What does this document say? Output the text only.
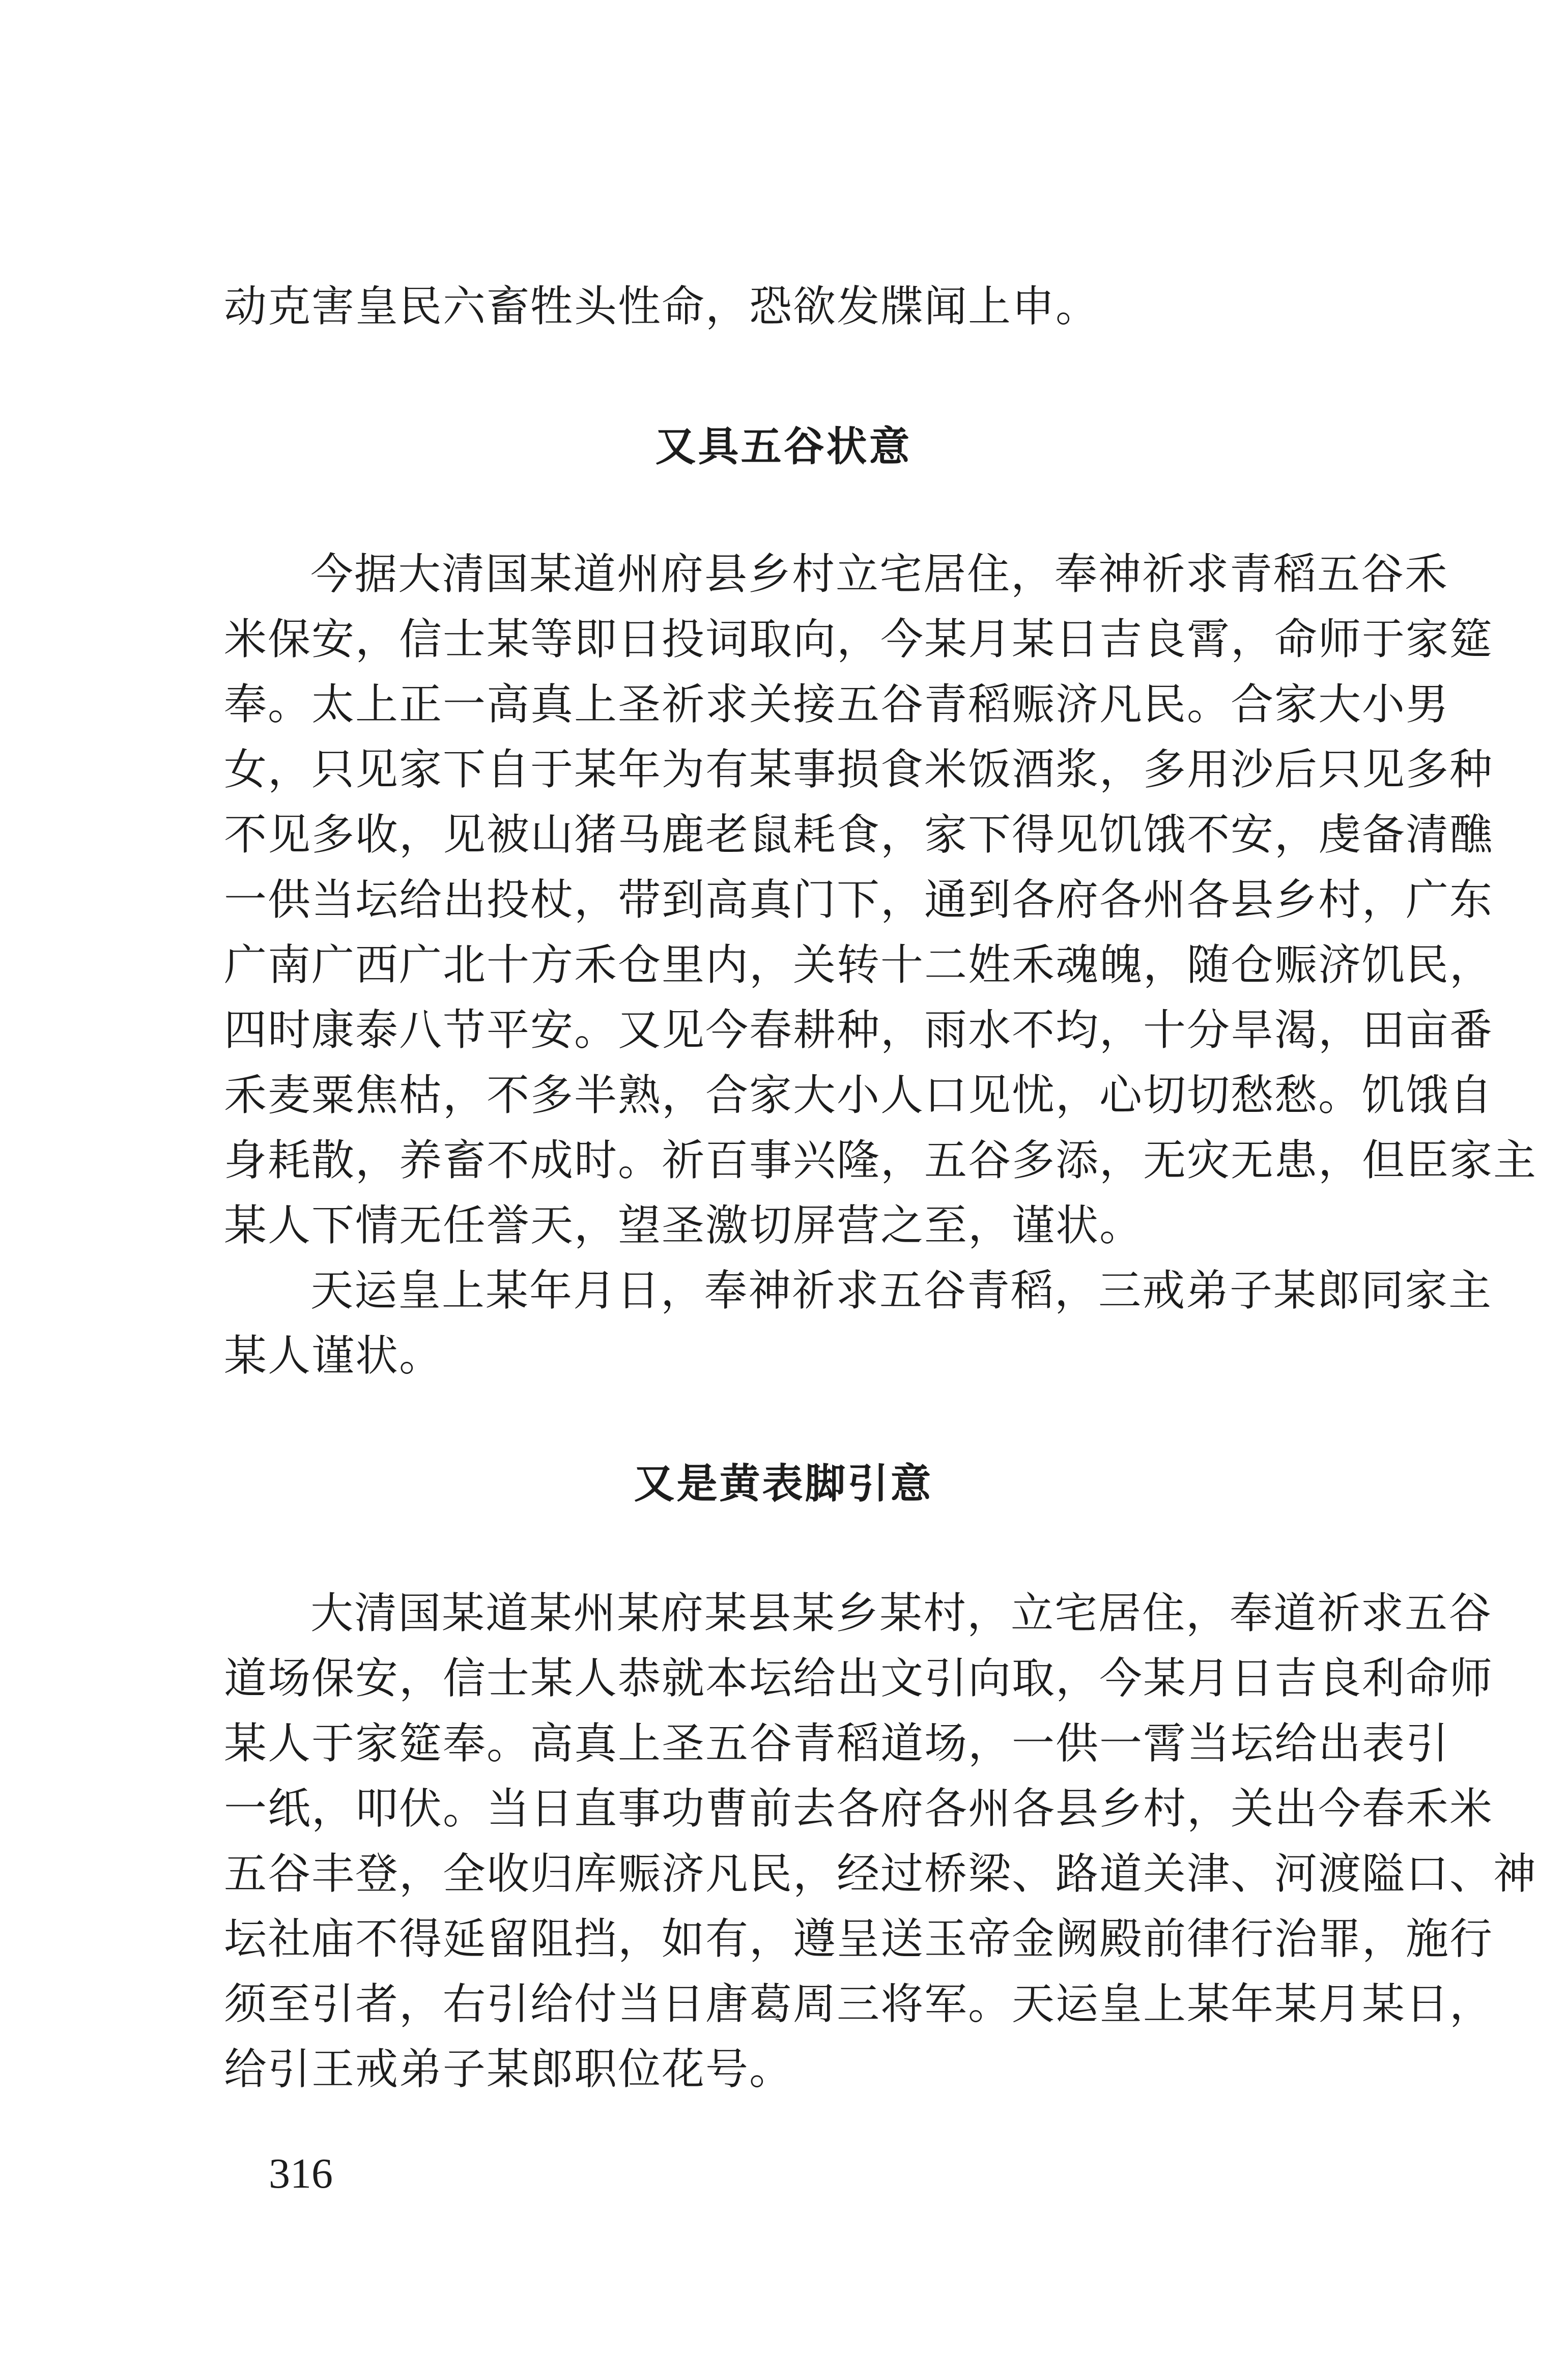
动克害皇民六畜牲头性命，恐欲发牒闻上申。
又具五谷状意
今据大清国某道州府县乡村立宅居住，奉神祈求青稻五谷禾
米保安，信士某等即日投词取向，今某月某日吉良霄，命师于家筵
奉。太上正一高真上圣祈求关接五谷青稻赈济凡民。合家大小男
女，只见家下自于某年为有某事损食米饭酒浆，多用沙后只见多种
不见多收，见被山猪马鹿老鼠耗食，家下得见饥饿不安，虔备清醮
一供当坛给出投杖，带到高真门下，通到各府各州各县乡村，广东
广南广西广北十方禾仓里内，关转十二姓禾魂魄，随仓赈济饥民，
四时康泰八节平安。又见今春耕种，雨水不均，十分旱渴，田亩番
禾麦粟焦枯，不多半熟，合家大小人口见忧，心切切愁愁。饥饿自
身耗散，养畜不成时。祈百事兴隆，五谷多添，无灾无患，但臣家主
某人下情无任誉天，望圣激切屏营之至，谨状。
天运皇上某年月日，奉神祈求五谷青稻，三戒弟子某郎同家主
某人谨状。
又是黄表脚引意
大清国某道某州某府某县某乡某村，立宅居住，奉道祈求五谷
道场保安，信士某人恭就本坛给出文引向取，今某月日吉良利命师
某人于家筵奉。高真上圣五谷青稻道场，一供一霄当坛给出表引
一纸，叩伏。当日直事功曹前去各府各州各县乡村，关出今春禾米
五谷丰登，全收归库赈济凡民，经过桥梁、路道关津、河渡隘口、神
坛社庙不得延留阻挡，如有，遵呈送玉帝金阙殿前律行治罪，施行
须至引者，右引给付当日唐葛周三将军。天运皇上某年某月某日，
给引王戒弟子某郎职位花号。
316
